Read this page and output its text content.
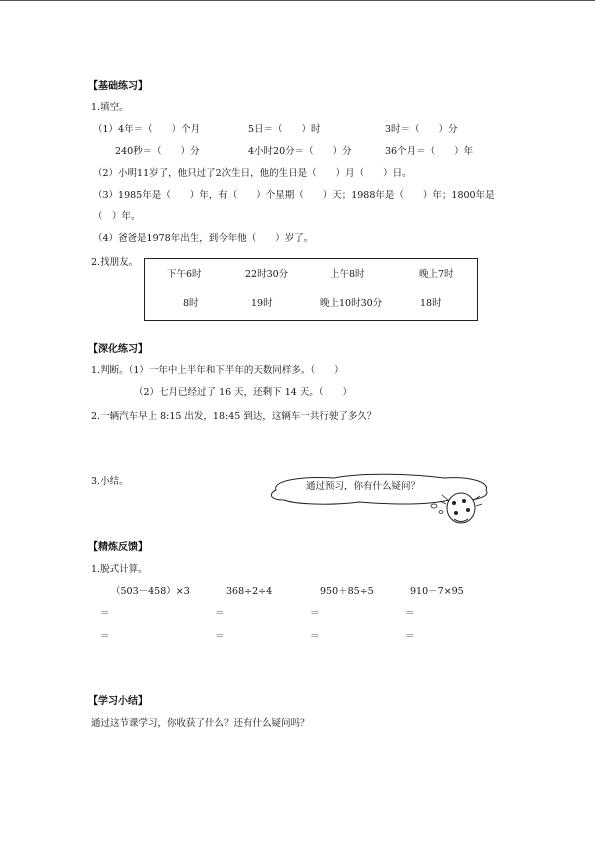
【基础练习】
1.填空。
（1）4年＝（　　）个月	5日＝（　　）时	3时＝（　　）分
240秒＝（　　）分	4小时20分＝（　　）分	36个月＝（　　）年
（2）小明11岁了，他只过了2次生日，他的生日是（　　）月（　　）日。
（3）1985年是（　　）年，有（　　）个星期（　　）天；1988年是（　　）年；1800年是
（　）年。
（4）爸爸是1978年出生，到今年他（　　）岁了。
2.找朋友。
下午6时	22时30分	上午8时	晚上7时
8时	19时	晚上10时30分	18时
【深化练习】
1.判断。（1）一年中上半年和下半年的天数同样多。（　　）
（2）七月已经过了 16 天，还剩下 14 天。（　　）
2.一辆汽车早上 8:15 出发，18:45 到达，这辆车一共行驶了多久？
3.小结。	通过预习，你有什么疑问？
【精炼反馈】
1.脱式计算。
（503－458）×3	368÷2÷4	950＋85÷5	910－7×95
＝	＝	＝	＝
＝	＝	＝	＝
【学习小结】
通过这节课学习，你收获了什么？还有什么疑问吗？
